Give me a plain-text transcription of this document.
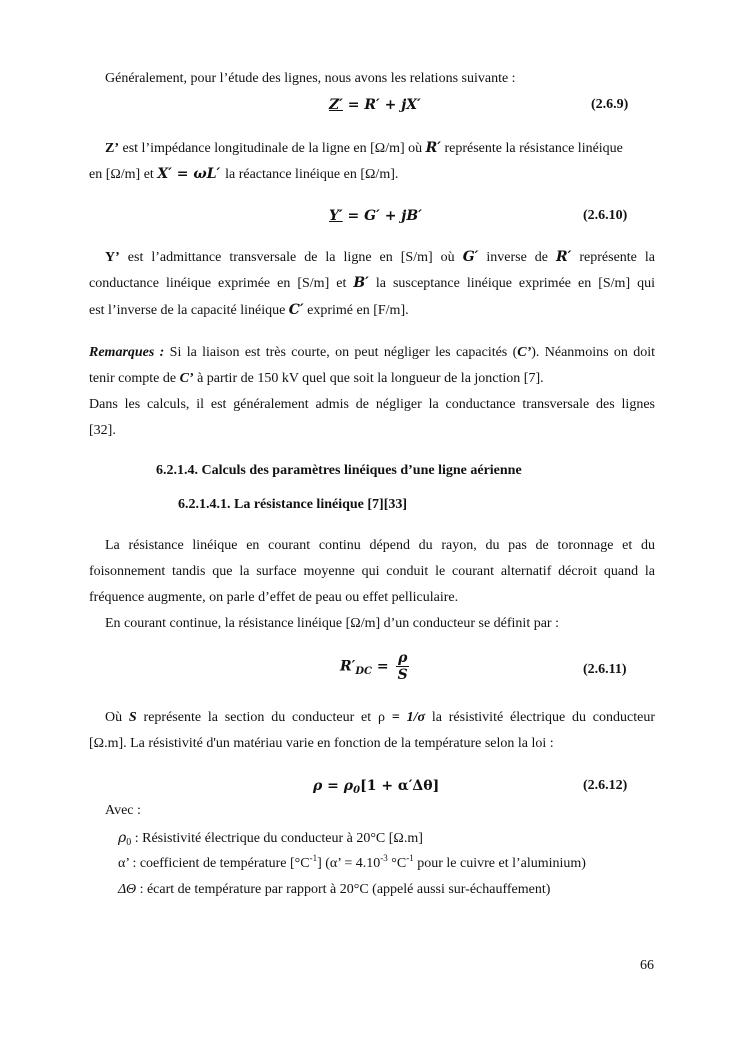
Généralement, pour l’étude des lignes, nous avons les relations suivante :
Z′ = R′ + jX′	(2.6.9)
Z’ est l’impédance longitudinale de la ligne en [Ω/m] où R′ représente la résistance linéique
en [Ω/m] et X′ = ωL′ la réactance linéique en [Ω/m].
Y′ = G′ + jB′	(2.6.10)
Y’ est l’admittance transversale de la ligne en [S/m] où G′ inverse de R′ représente la
conductance linéique exprimée en [S/m] et B′ la susceptance linéique exprimée en [S/m] qui
est l’inverse de la capacité linéique C′ exprimé en [F/m].
Remarques : Si la liaison est très courte, on peut négliger les capacités (C’). Néanmoins on doit
tenir compte de C’ à partir de 150 kV quel que soit la longueur de la jonction [7].
Dans les calculs, il est généralement admis de négliger la conductance transversale des lignes
[32].
6.2.1.4. Calculs des paramètres linéiques d’une ligne aérienne
6.2.1.4.1. La résistance linéique [7][33]
La résistance linéique en courant continu dépend du rayon, du pas de toronnage et du
foisonnement tandis que la surface moyenne qui conduit le courant alternatif décroit quand la
fréquence augmente, on parle d’effet de peau ou effet pelliculaire.
En courant continue, la résistance linéique [Ω/m] d’un conducteur se définit par :
$R'_{DC} = \frac{\rho}{S}$	(2.6.11)
Où S représente la section du conducteur et ρ = 1/σ la résistivité électrique du conducteur
[Ω.m]. La résistivité d'un matériau varie en fonction de la température selon la loi :
$\rho = \rho_0[1 + \alpha'\Delta\theta]$	(2.6.12)
Avec :
$\rho_0$ : Résistivité électrique du conducteur à 20°C [Ω.m]
α’ : coefficient de température $[^\circ C^{-1}] (\alpha$’ = $4.10^{-3}$ $^\circ C^{-1}$ pour le cuivre et l’aluminium)
ΔΘ : écart de température par rapport à 20°C (appelé aussi sur-échauffement)
66
